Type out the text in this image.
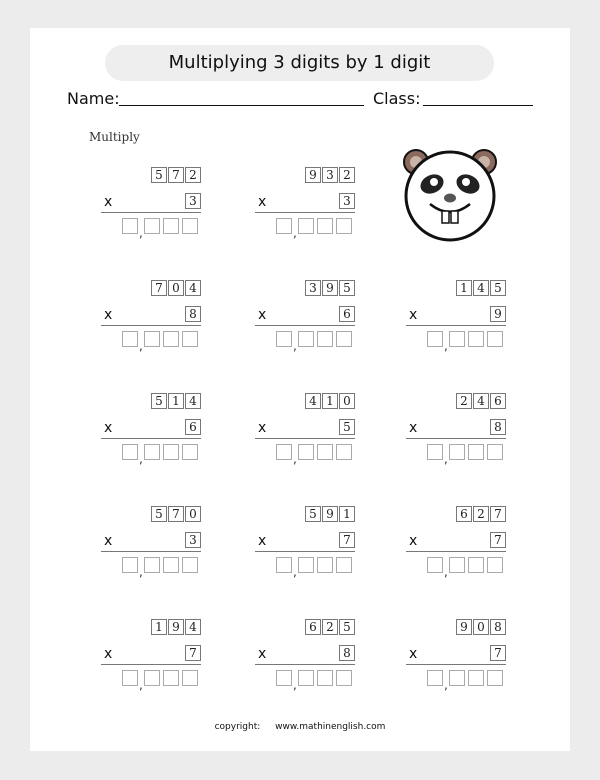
Multiplying 3 digits by 1 digit
Name:	Class:
Multiply
5 7 2
x	3
,
9 3 2
x	3
,
7 0 4
x	8
,
3 9 5
x	6
,
1 4 5
x	9
,
5 1 4
x	6
,
4 1 0
x	5
,
2 4 6
x	8
,
5 7 0
x	3
,
5 9 1
x	7
,
6 2 7
x	7
,
1 9 4
x	7
,
6 2 5
x	8
,
9 0 8
x	7
,
copyright: www.mathinenglish.com
